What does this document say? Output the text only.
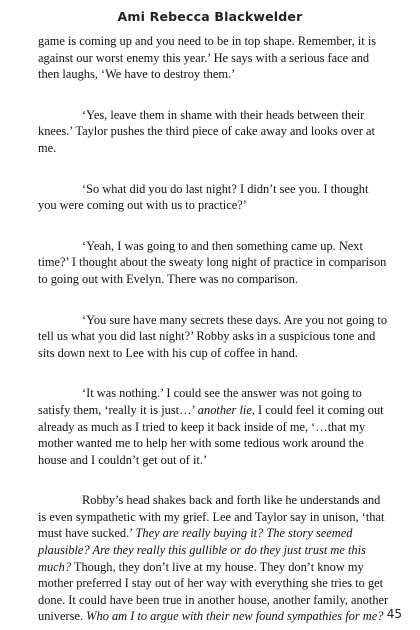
Ami Rebecca Blackwelder

game is coming up and you need to be in top shape. Remember, it is against our worst enemy this year.’ He says with a serious face and then laughs, ‘We have to destroy them.’

‘Yes, leave them in shame with their heads between their knees.’ Taylor pushes the third piece of cake away and looks over at me.

‘So what did you do last night? I didn’t see you. I thought you were coming out with us to practice?’

‘Yeah, I was going to and then something came up. Next time?’ I thought about the sweaty long night of practice in comparison to going out with Evelyn. There was no comparison.

‘You sure have many secrets these days. Are you not going to tell us what you did last night?’ Robby asks in a suspicious tone and sits down next to Lee with his cup of coffee in hand.

‘It was nothing.’ I could see the answer was not going to satisfy them, ‘really it is just…’ another lie, I could feel it coming out already as much as I tried to keep it back inside of me, ‘…that my mother wanted me to help her with some tedious work around the house and I couldn’t get out of it.’

Robby’s head shakes back and forth like he understands and is even sympathetic with my grief. Lee and Taylor say in unison, ‘that must have sucked.’ They are really buying it? The story seemed plausible? Are they really this gullible or do they just trust me this much? Though, they don’t live at my house. They don’t know my mother preferred I stay out of her way with everything she tries to get done. It could have been true in another house, another family, another universe. Who am I to argue with their new found sympathies for me? 45
